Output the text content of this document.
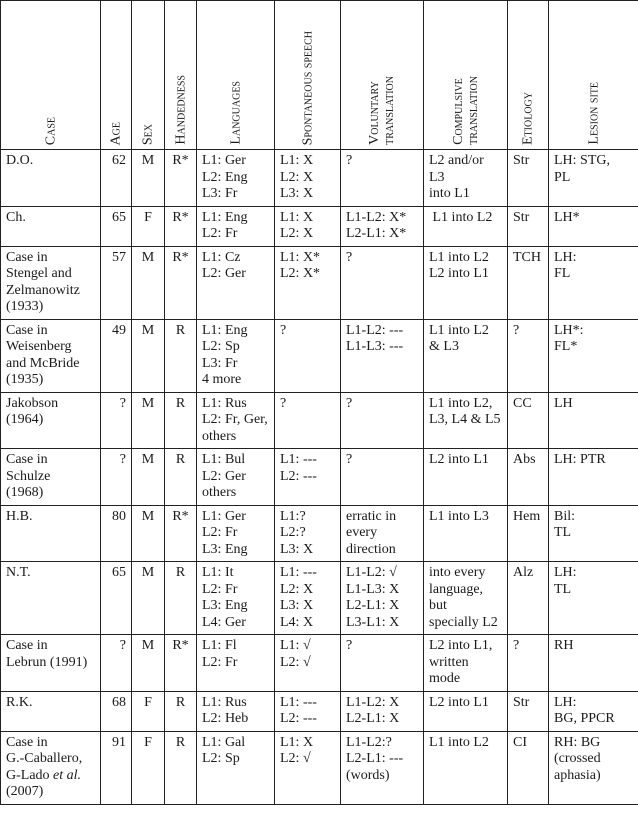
Case	Age	Sex	Handedness	Languages	Spontaneous speech	Voluntary translation	Compulsive translation	Etiology	Lesion site

D.O.	62	M	R*	L1: Ger
L2: Eng
L3: Fr	L1: X
L2: X
L3: X	?	L2 and/or
L3
into L1	Str	LH: STG,
PL

Ch.	65	F	R*	L1: Eng
L2: Fr	L1: X
L2: X	L1-L2: X*
L2-L1: X*	L1 into L2	Str	LH*

Case in
Stengel and
Zelmanowitz
(1933)	57	M	R*	L1: Cz
L2: Ger	L1: X*
L2: X*	?	L1 into L2
L2 into L1	TCH	LH:
FL

Case in
Weisenberg
and McBride
(1935)	49	M	R	L1: Eng
L2: Sp
L3: Fr
4 more	?	L1-L2: ---
L1-L3: ---	L1 into L2
& L3	?	LH*:
FL*

Jakobson
(1964)	?	M	R	L1: Rus
L2: Fr, Ger,
others	?	?	L1 into L2,
L3, L4 & L5	CC	LH

Case in
Schulze
(1968)	?	M	R	L1: Bul
L2: Ger
others	L1: ---
L2: ---	?	L2 into L1	Abs	LH: PTR

H.B.	80	M	R*	L1: Ger
L2: Fr
L3: Eng	L1:?
L2:?
L3: X	erratic in
every
direction	L1 into L3	Hem	Bil:
TL

N.T.	65	M	R	L1: It
L2: Fr
L3: Eng
L4: Ger	L1: ---
L2: X
L3: X
L4: X	L1-L2: √
L1-L3: X
L2-L1: X
L3-L1: X	into every
language,
but
specially L2	Alz	LH:
TL

Case in
Lebrun (1991)	?	M	R*	L1: Fl
L2: Fr	L1: √
L2: √	?	L2 into L1,
written
mode	?	RH

R.K.	68	F	R	L1: Rus
L2: Heb	L1: ---
L2: ---	L1-L2: X
L2-L1: X	L2 into L1	Str	LH:
BG, PPCR

Case in
G.-Caballero,
G-Lado et al.
(2007)	91	F	R	L1: Gal
L2: Sp	L1: X
L2: √	L1-L2:?
L2-L1: ---
(words)	L1 into L2	CI	RH: BG
(crossed
aphasia)
